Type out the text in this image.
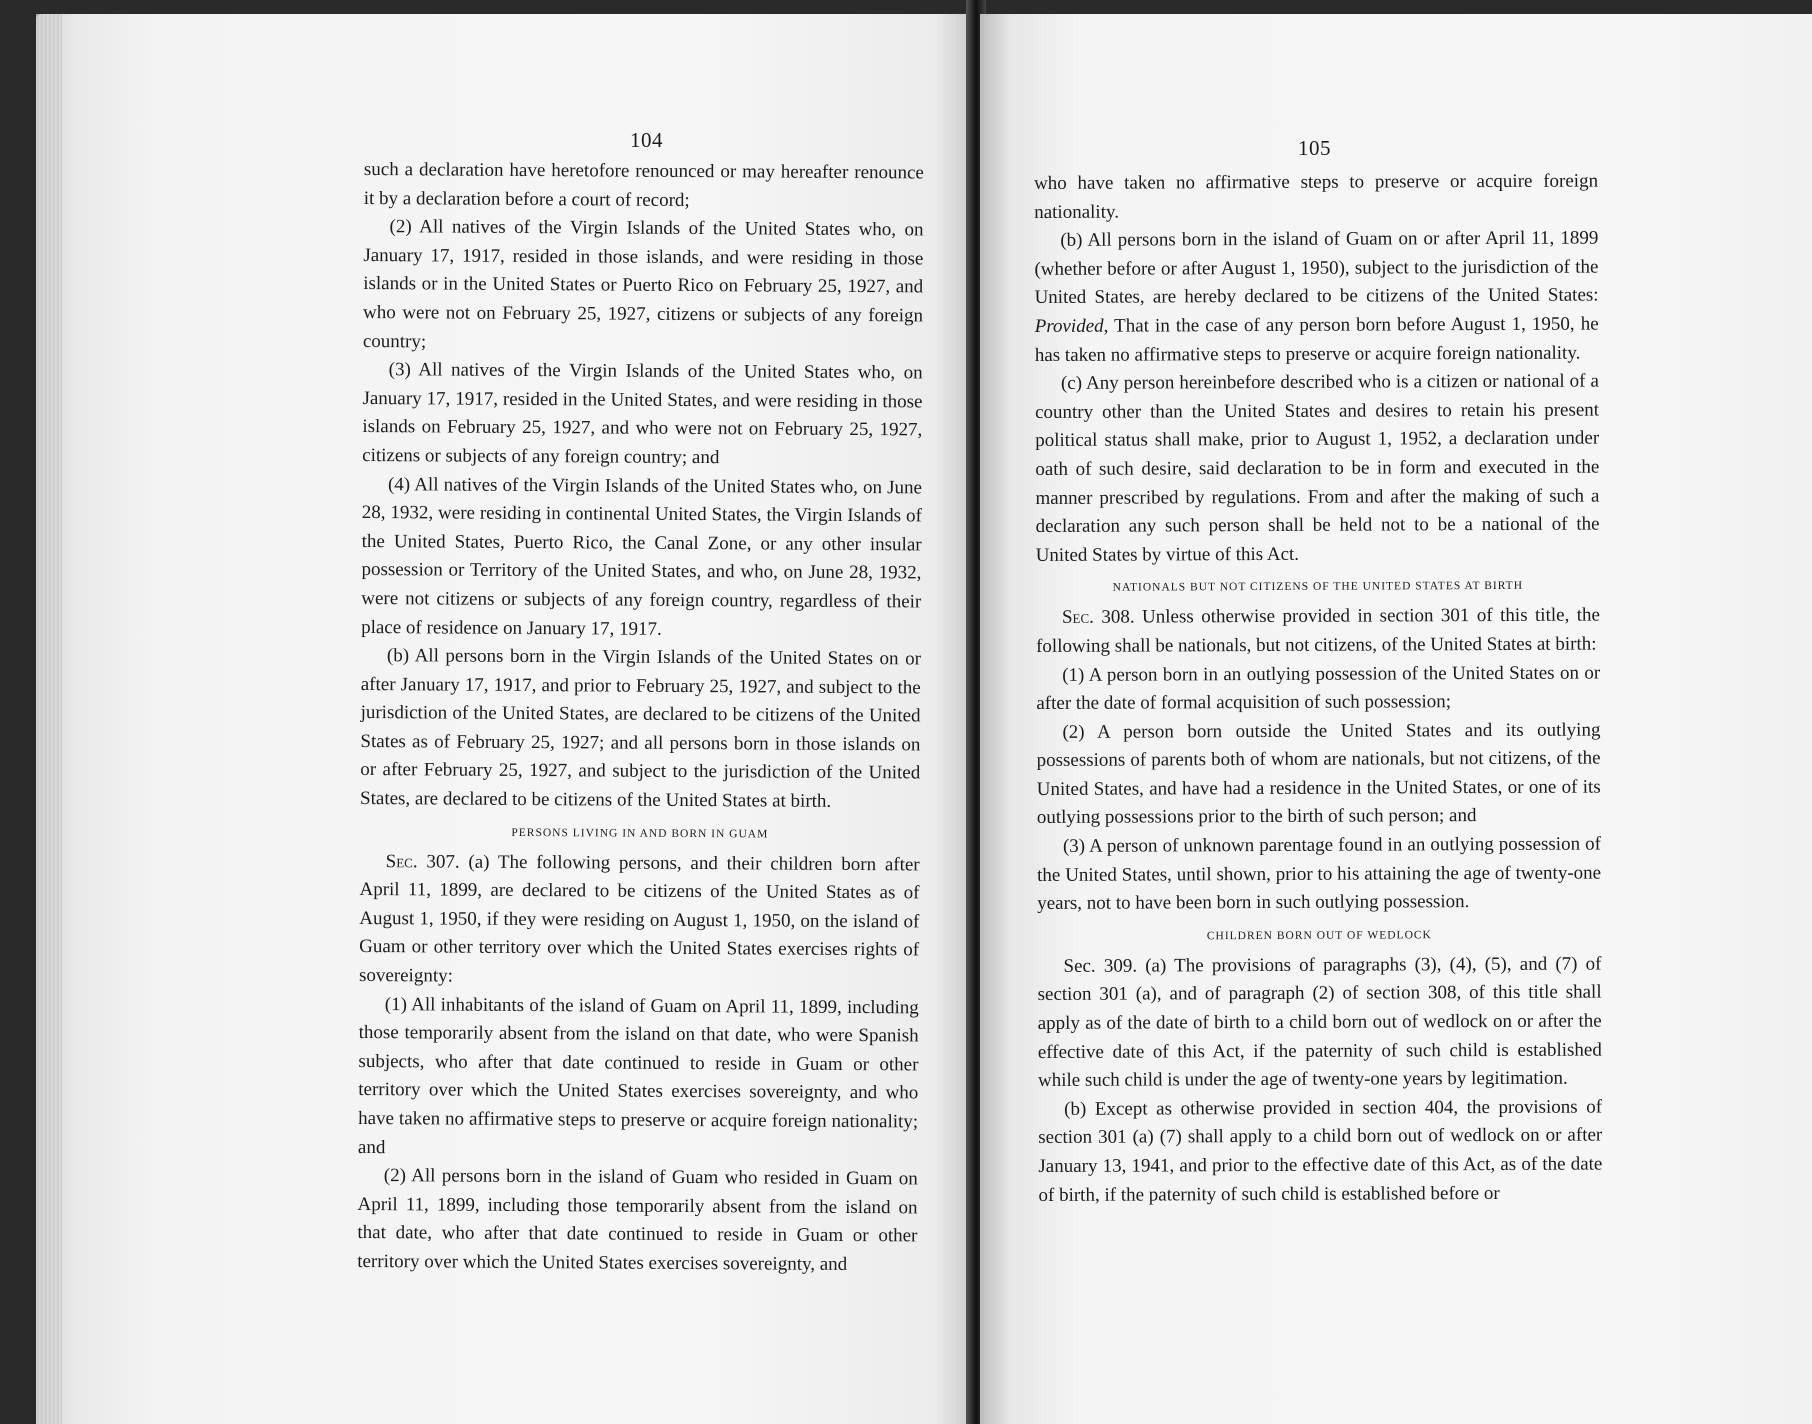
104	105

such a declaration have heretofore renounced or may hereafter renounce it by a declaration before a court of record;

(2) All natives of the Virgin Islands of the United States who, on January 17, 1917, resided in those islands, and were residing in those islands or in the United States or Puerto Rico on February 25, 1927, and who were not on February 25, 1927, citizens or subjects of any foreign country;

(3) All natives of the Virgin Islands of the United States who, on January 17, 1917, resided in the United States, and were residing in those islands on February 25, 1927, and who were not on February 25, 1927, citizens or subjects of any foreign country; and

(4) All natives of the Virgin Islands of the United States who, on June 28, 1932, were residing in continental United States, the Virgin Islands of the United States, Puerto Rico, the Canal Zone, or any other insular possession or Territory of the United States, and who, on June 28, 1932, were not citizens or subjects of any foreign country, regardless of their place of residence on January 17, 1917.

(b) All persons born in the Virgin Islands of the United States on or after January 17, 1917, and prior to February 25, 1927, and subject to the jurisdiction of the United States, are declared to be citizens of the United States as of February 25, 1927; and all persons born in those islands on or after February 25, 1927, and subject to the jurisdiction of the United States, are declared to be citizens of the United States at birth.

PERSONS LIVING IN AND BORN IN GUAM

Sec. 307. (a) The following persons, and their children born after April 11, 1899, are declared to be citizens of the United States as of August 1, 1950, if they were residing on August 1, 1950, on the island of Guam or other territory over which the United States exercises rights of sovereignty:

(1) All inhabitants of the island of Guam on April 11, 1899, including those temporarily absent from the island on that date, who were Spanish subjects, who after that date continued to reside in Guam or other territory over which the United States exercises sovereignty, and who have taken no affirmative steps to preserve or acquire foreign nationality; and

(2) All persons born in the island of Guam who resided in Guam on April 11, 1899, including those temporarily absent from the island on that date, who after that date continued to reside in Guam or other territory over which the United States exercises sovereignty, and

who have taken no affirmative steps to preserve or acquire foreign nationality.

(b) All persons born in the island of Guam on or after April 11, 1899 (whether before or after August 1, 1950), subject to the jurisdiction of the United States, are hereby declared to be citizens of the United States: Provided, That in the case of any person born before August 1, 1950, he has taken no affirmative steps to preserve or acquire foreign nationality.

(c) Any person hereinbefore described who is a citizen or national of a country other than the United States and desires to retain his present political status shall make, prior to August 1, 1952, a declaration under oath of such desire, said declaration to be in form and executed in the manner prescribed by regulations. From and after the making of such a declaration any such person shall be held not to be a national of the United States by virtue of this Act.

NATIONALS BUT NOT CITIZENS OF THE UNITED STATES AT BIRTH

Sec. 308. Unless otherwise provided in section 301 of this title, the following shall be nationals, but not citizens, of the United States at birth:

(1) A person born in an outlying possession of the United States on or after the date of formal acquisition of such possession;

(2) A person born outside the United States and its outlying possessions of parents both of whom are nationals, but not citizens, of the United States, and have had a residence in the United States, or one of its outlying possessions prior to the birth of such person; and

(3) A person of unknown parentage found in an outlying possession of the United States, until shown, prior to his attaining the age of twenty-one years, not to have been born in such outlying possession.

CHILDREN BORN OUT OF WEDLOCK

Sec. 309. (a) The provisions of paragraphs (3), (4), (5), and (7) of section 301 (a), and of paragraph (2) of section 308, of this title shall apply as of the date of birth to a child born out of wedlock on or after the effective date of this Act, if the paternity of such child is established while such child is under the age of twenty-one years by legitimation.

(b) Except as otherwise provided in section 404, the provisions of section 301 (a) (7) shall apply to a child born out of wedlock on or after January 13, 1941, and prior to the effective date of this Act, as of the date of birth, if the paternity of such child is established before or
